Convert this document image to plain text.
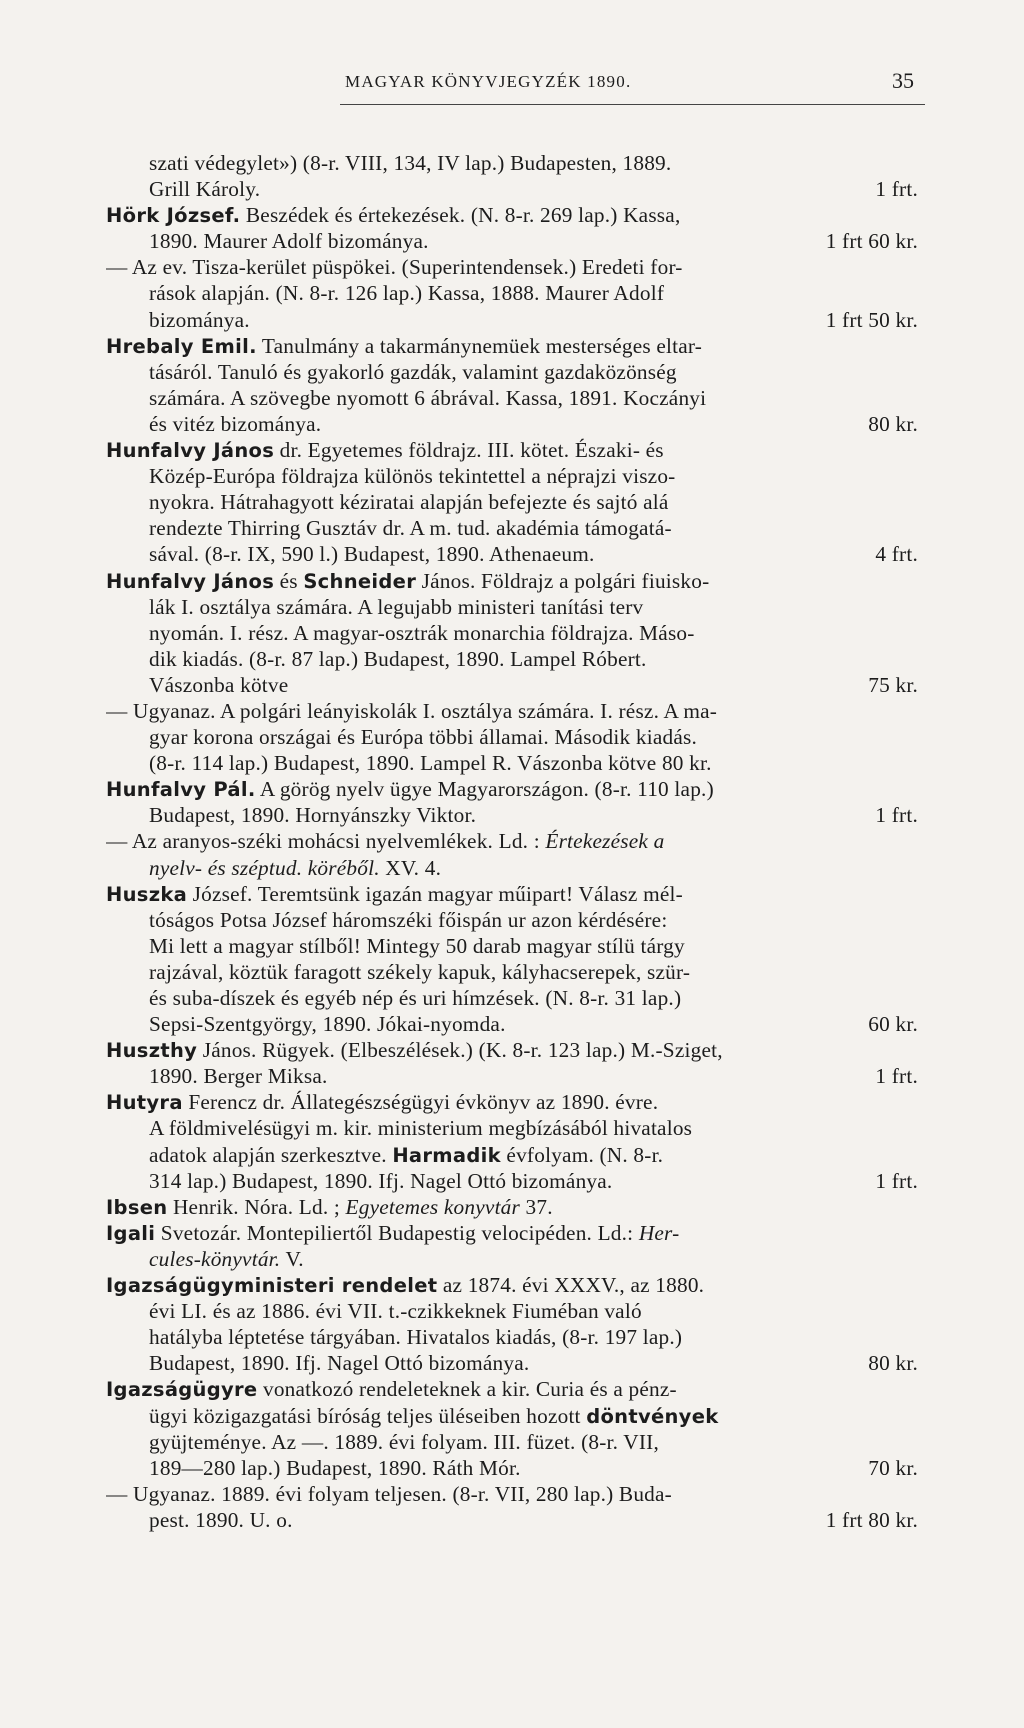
MAGYAR KÖNYVJEGYZÉK 1890.	35
szati védegylet») (8-r. VIII, 134, IV lap.) Budapesten, 1889.
1 frt.
Grill Károly.
Hörk József. Beszédek és értekezések. (N. 8-r. 269 lap.) Kassa,
1 frt 60 kr.
1890. Maurer Adolf bizománya.
— Az ev. Tisza-kerület püspökei. (Superintendensek.) Eredeti for-
rások alapján. (N. 8-r. 126 lap.) Kassa, 1888. Maurer Adolf
1 frt 50 kr.
bizománya.
Hrebaly Emil. Tanulmány a takarmánynemüek mesterséges eltar-
tásáról. Tanuló és gyakorló gazdák, valamint gazdaközönség
számára. A szövegbe nyomott 6 ábrával. Kassa, 1891. Koczányi
80 kr.
és vitéz bizománya.
Hunfalvy János dr. Egyetemes földrajz. III. kötet. Északi- és
Közép-Európa földrajza különös tekintettel a néprajzi viszo-
nyokra. Hátrahagyott kéziratai alapján befejezte és sajtó alá
rendezte Thirring Gusztáv dr. A m. tud. akadémia támogatá-
4 frt.
sával. (8-r. IX, 590 l.) Budapest, 1890. Athenaeum.
Hunfalvy János és Schneider János. Földrajz a polgári fiuisko-
lák I. osztálya számára. A legujabb ministeri tanítási terv
nyomán. I. rész. A magyar-osztrák monarchia földrajza. Máso-
dik kiadás. (8-r. 87 lap.) Budapest, 1890. Lampel Róbert.
75 kr.
Vászonba kötve
— Ugyanaz. A polgári leányiskolák I. osztálya számára. I. rész. A ma-
gyar korona országai és Európa többi államai. Második kiadás.
(8-r. 114 lap.) Budapest, 1890. Lampel R. Vászonba kötve 80 kr.
Hunfalvy Pál. A görög nyelv ügye Magyarországon. (8-r. 110 lap.)
1 frt.
Budapest, 1890. Hornyánszky Viktor.
— Az aranyos-széki mohácsi nyelvemlékek. Ld. : Értekezések a
nyelv- és széptud. köréből. XV. 4.
Huszka József. Teremtsünk igazán magyar műipart! Válasz mél-
tóságos Potsa József háromszéki főispán ur azon kérdésére:
Mi lett a magyar stílből! Mintegy 50 darab magyar stílü tárgy
rajzával, köztük faragott székely kapuk, kályhacserepek, szür-
és suba-díszek és egyéb nép és uri hímzések. (N. 8-r. 31 lap.)
60 kr.
Sepsi-Szentgyörgy, 1890. Jókai-nyomda.
Huszthy János. Rügyek. (Elbeszélések.) (K. 8-r. 123 lap.) M.-Sziget,
1 frt.
1890. Berger Miksa.
Hutyra Ferencz dr. Állategészségügyi évkönyv az 1890. évre.
A földmivelésügyi m. kir. ministerium megbízásából hivatalos
adatok alapján szerkesztve. Harmadik évfolyam. (N. 8-r.
1 frt.
314 lap.) Budapest, 1890. Ifj. Nagel Ottó bizománya.
Ibsen Henrik. Nóra. Ld. ; Egyetemes konyvtár 37.
Igali Svetozár. Montepiliertől Budapestig velocipéden. Ld.: Her-
cules-könyvtár. V.
Igazságügyministeri rendelet az 1874. évi XXXV., az 1880.
évi LI. és az 1886. évi VII. t.-czikkeknek Fiuméban való
hatályba léptetése tárgyában. Hivatalos kiadás, (8-r. 197 lap.)
80 kr.
Budapest, 1890. Ifj. Nagel Ottó bizománya.
Igazságügyre vonatkozó rendeleteknek a kir. Curia és a pénz-
ügyi közigazgatási bíróság teljes üléseiben hozott döntvények
gyüjteménye. Az —. 1889. évi folyam. III. füzet. (8-r. VII,
70 kr.
189—280 lap.) Budapest, 1890. Ráth Mór.
— Ugyanaz. 1889. évi folyam teljesen. (8-r. VII, 280 lap.) Buda-
1 frt 80 kr.
pest. 1890. U. o.
